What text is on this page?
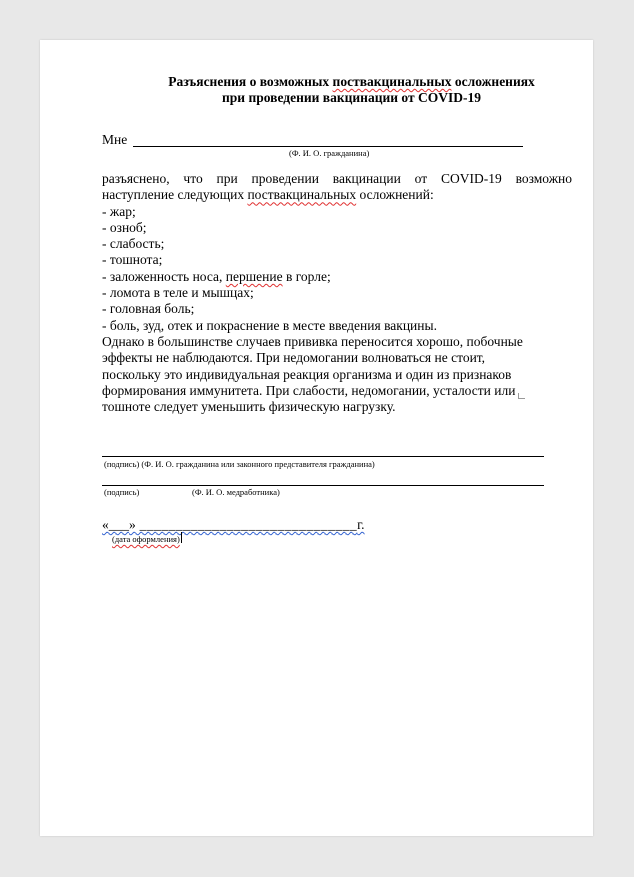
Разъяснения о возможных поствакцинальных осложнениях
при проведении вакцинации от COVID-19
Мне
(Ф. И. О. гражданина)
разъяснено, что при проведении вакцинации от COVID-19 возможно
наступление следующих поствакцинальных осложнений:
- жар;
- озноб;
- слабость;
- тошнота;
- заложенность носа, першение в горле;
- ломота в теле и мышцах;
- головная боль;
- боль, зуд, отек и покраснение в месте введения вакцины.
Однако в большинстве случаев прививка переносится хорошо, побочные
эффекты не наблюдаются. При недомогании волноваться не стоит,
поскольку это индивидуальная реакция организма и один из признаков
формирования иммунитета. При слабости, недомогании, усталости или
тошноте следует уменьшить физическую нагрузку.
(подпись) (Ф. И. О. гражданина или законного представителя гражданина)
(подпись)	(Ф. И. О. медработника)
«___» ______________________________г.
(дата оформления)
